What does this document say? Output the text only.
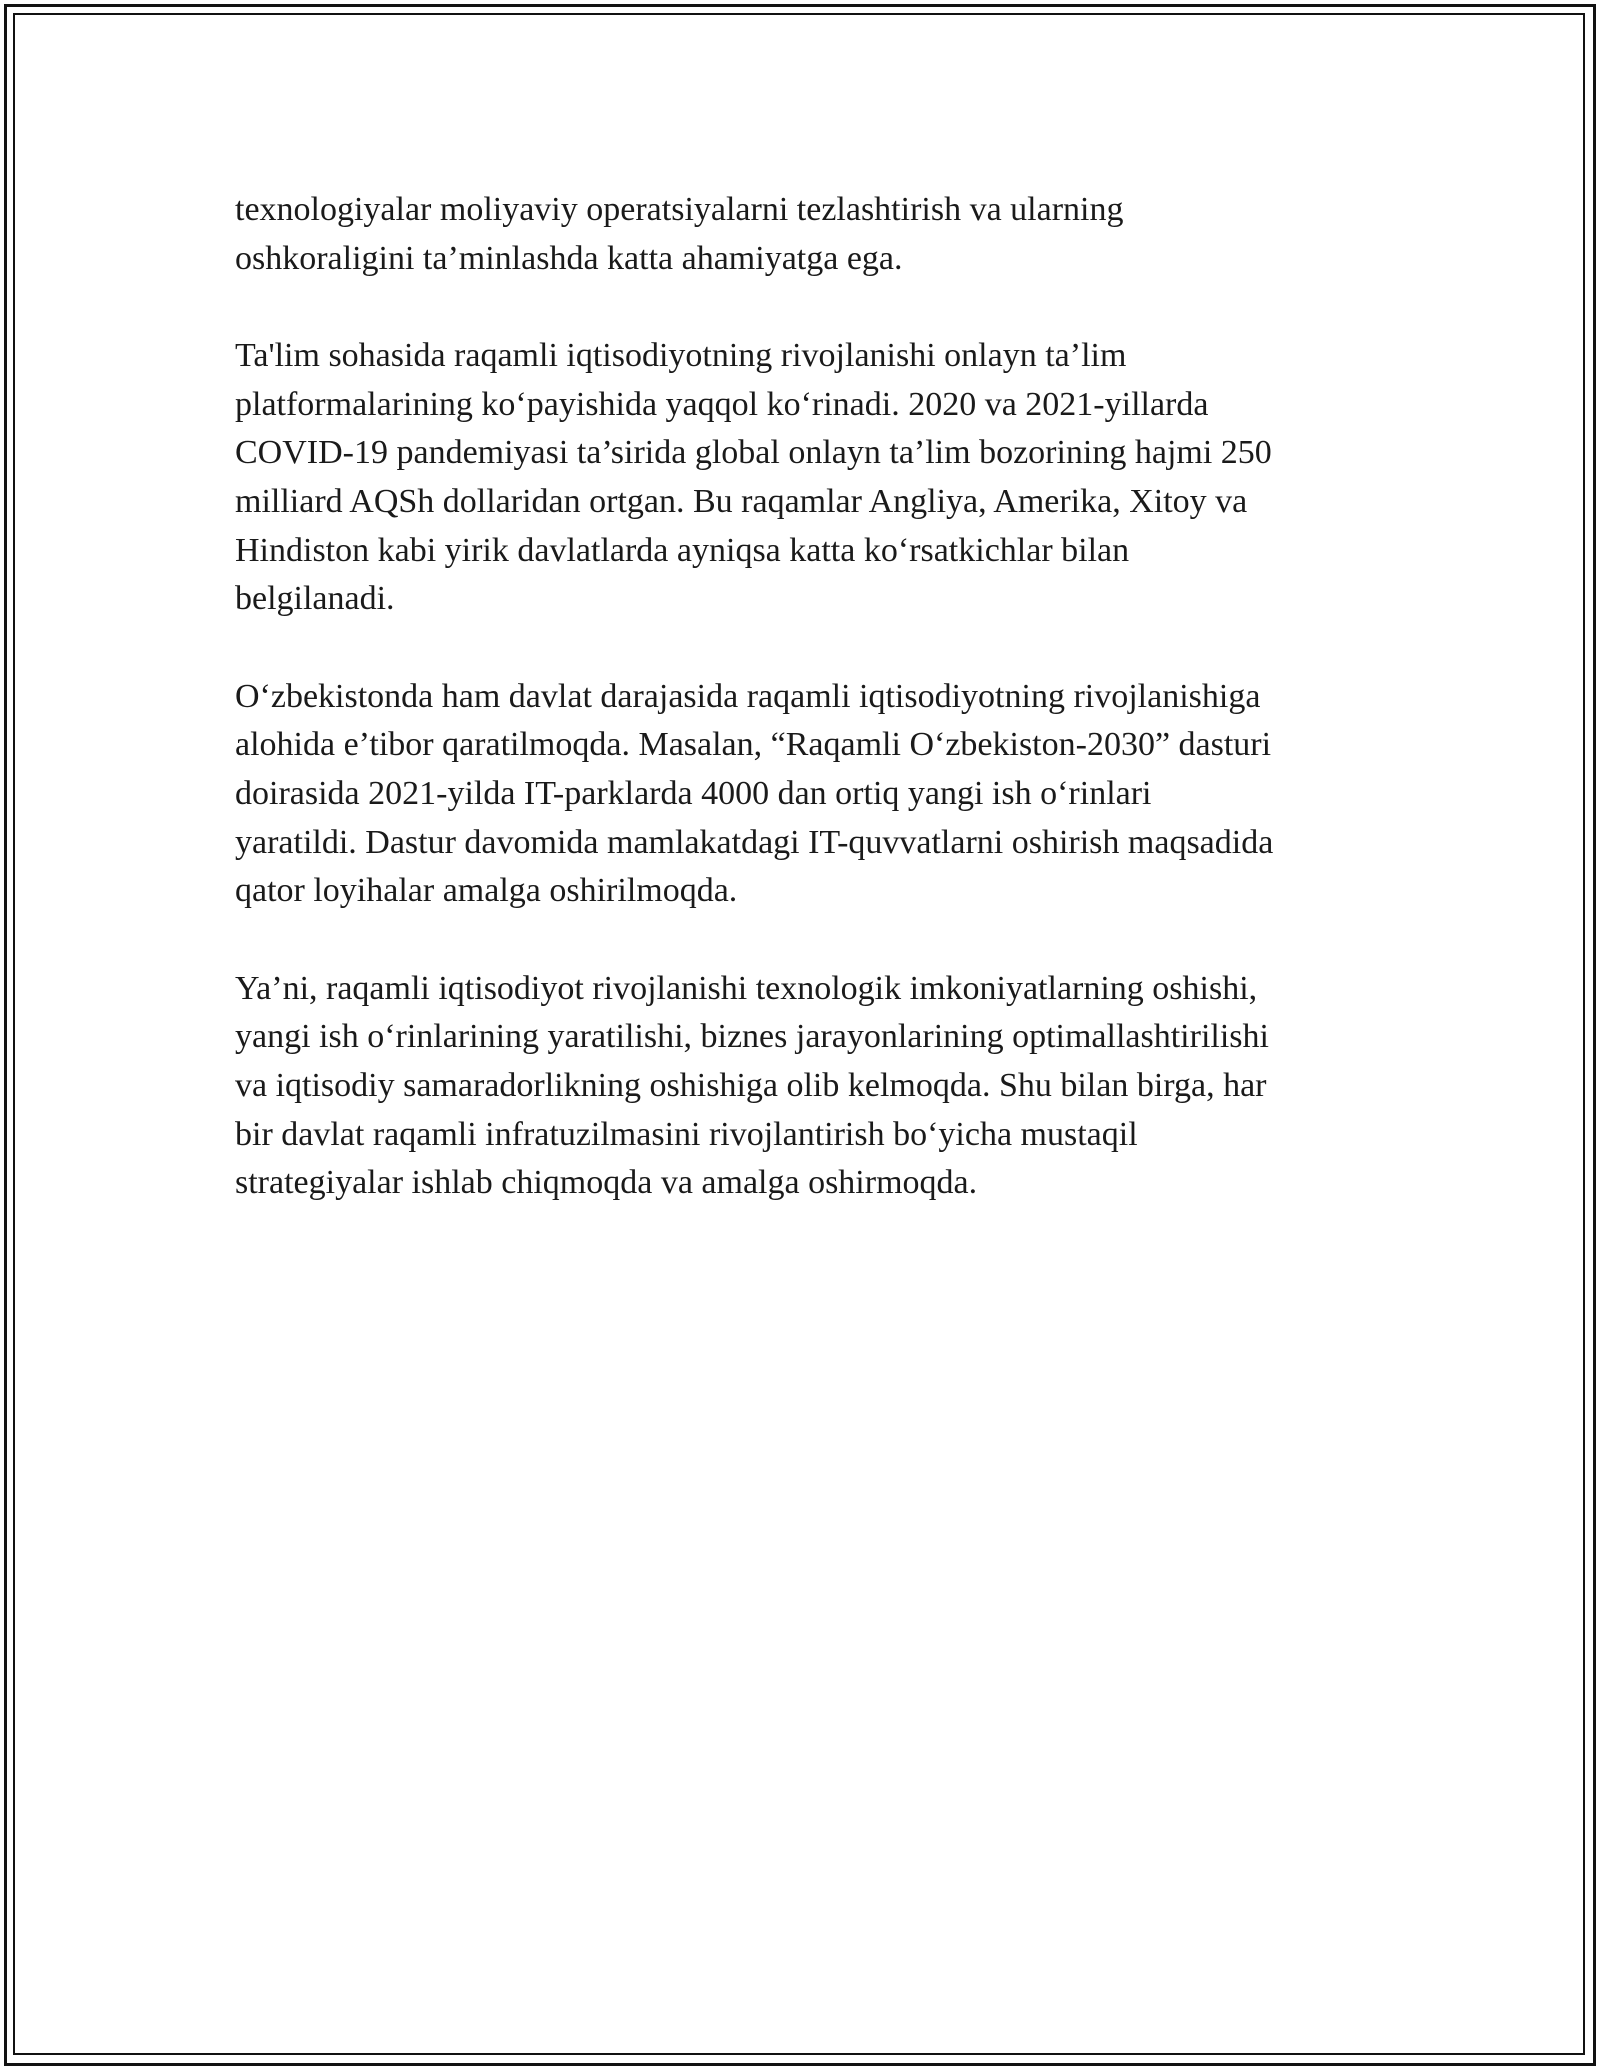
texnologiyalar moliyaviy operatsiyalarni tezlashtirish va ularning
oshkoraligini ta’minlashda katta ahamiyatga ega.

Ta'lim sohasida raqamli iqtisodiyotning rivojlanishi onlayn ta’lim
platformalarining koʻpayishida yaqqol koʻrinadi. 2020 va 2021-yillarda
COVID-19 pandemiyasi ta’sirida global onlayn ta’lim bozorining hajmi 250
milliard AQSh dollaridan ortgan. Bu raqamlar Angliya, Amerika, Xitoy va
Hindiston kabi yirik davlatlarda ayniqsa katta koʻrsatkichlar bilan
belgilanadi.

Oʻzbekistonda ham davlat darajasida raqamli iqtisodiyotning rivojlanishiga
alohida e’tibor qaratilmoqda. Masalan, “Raqamli Oʻzbekiston-2030” dasturi
doirasida 2021-yilda IT-parklarda 4000 dan ortiq yangi ish oʻrinlari
yaratildi. Dastur davomida mamlakatdagi IT-quvvatlarni oshirish maqsadida
qator loyihalar amalga oshirilmoqda.

Ya’ni, raqamli iqtisodiyot rivojlanishi texnologik imkoniyatlarning oshishi,
yangi ish oʻrinlarining yaratilishi, biznes jarayonlarining optimallashtirilishi
va iqtisodiy samaradorlikning oshishiga olib kelmoqda. Shu bilan birga, har
bir davlat raqamli infratuzilmasini rivojlantirish boʻyicha mustaqil
strategiyalar ishlab chiqmoqda va amalga oshirmoqda.
